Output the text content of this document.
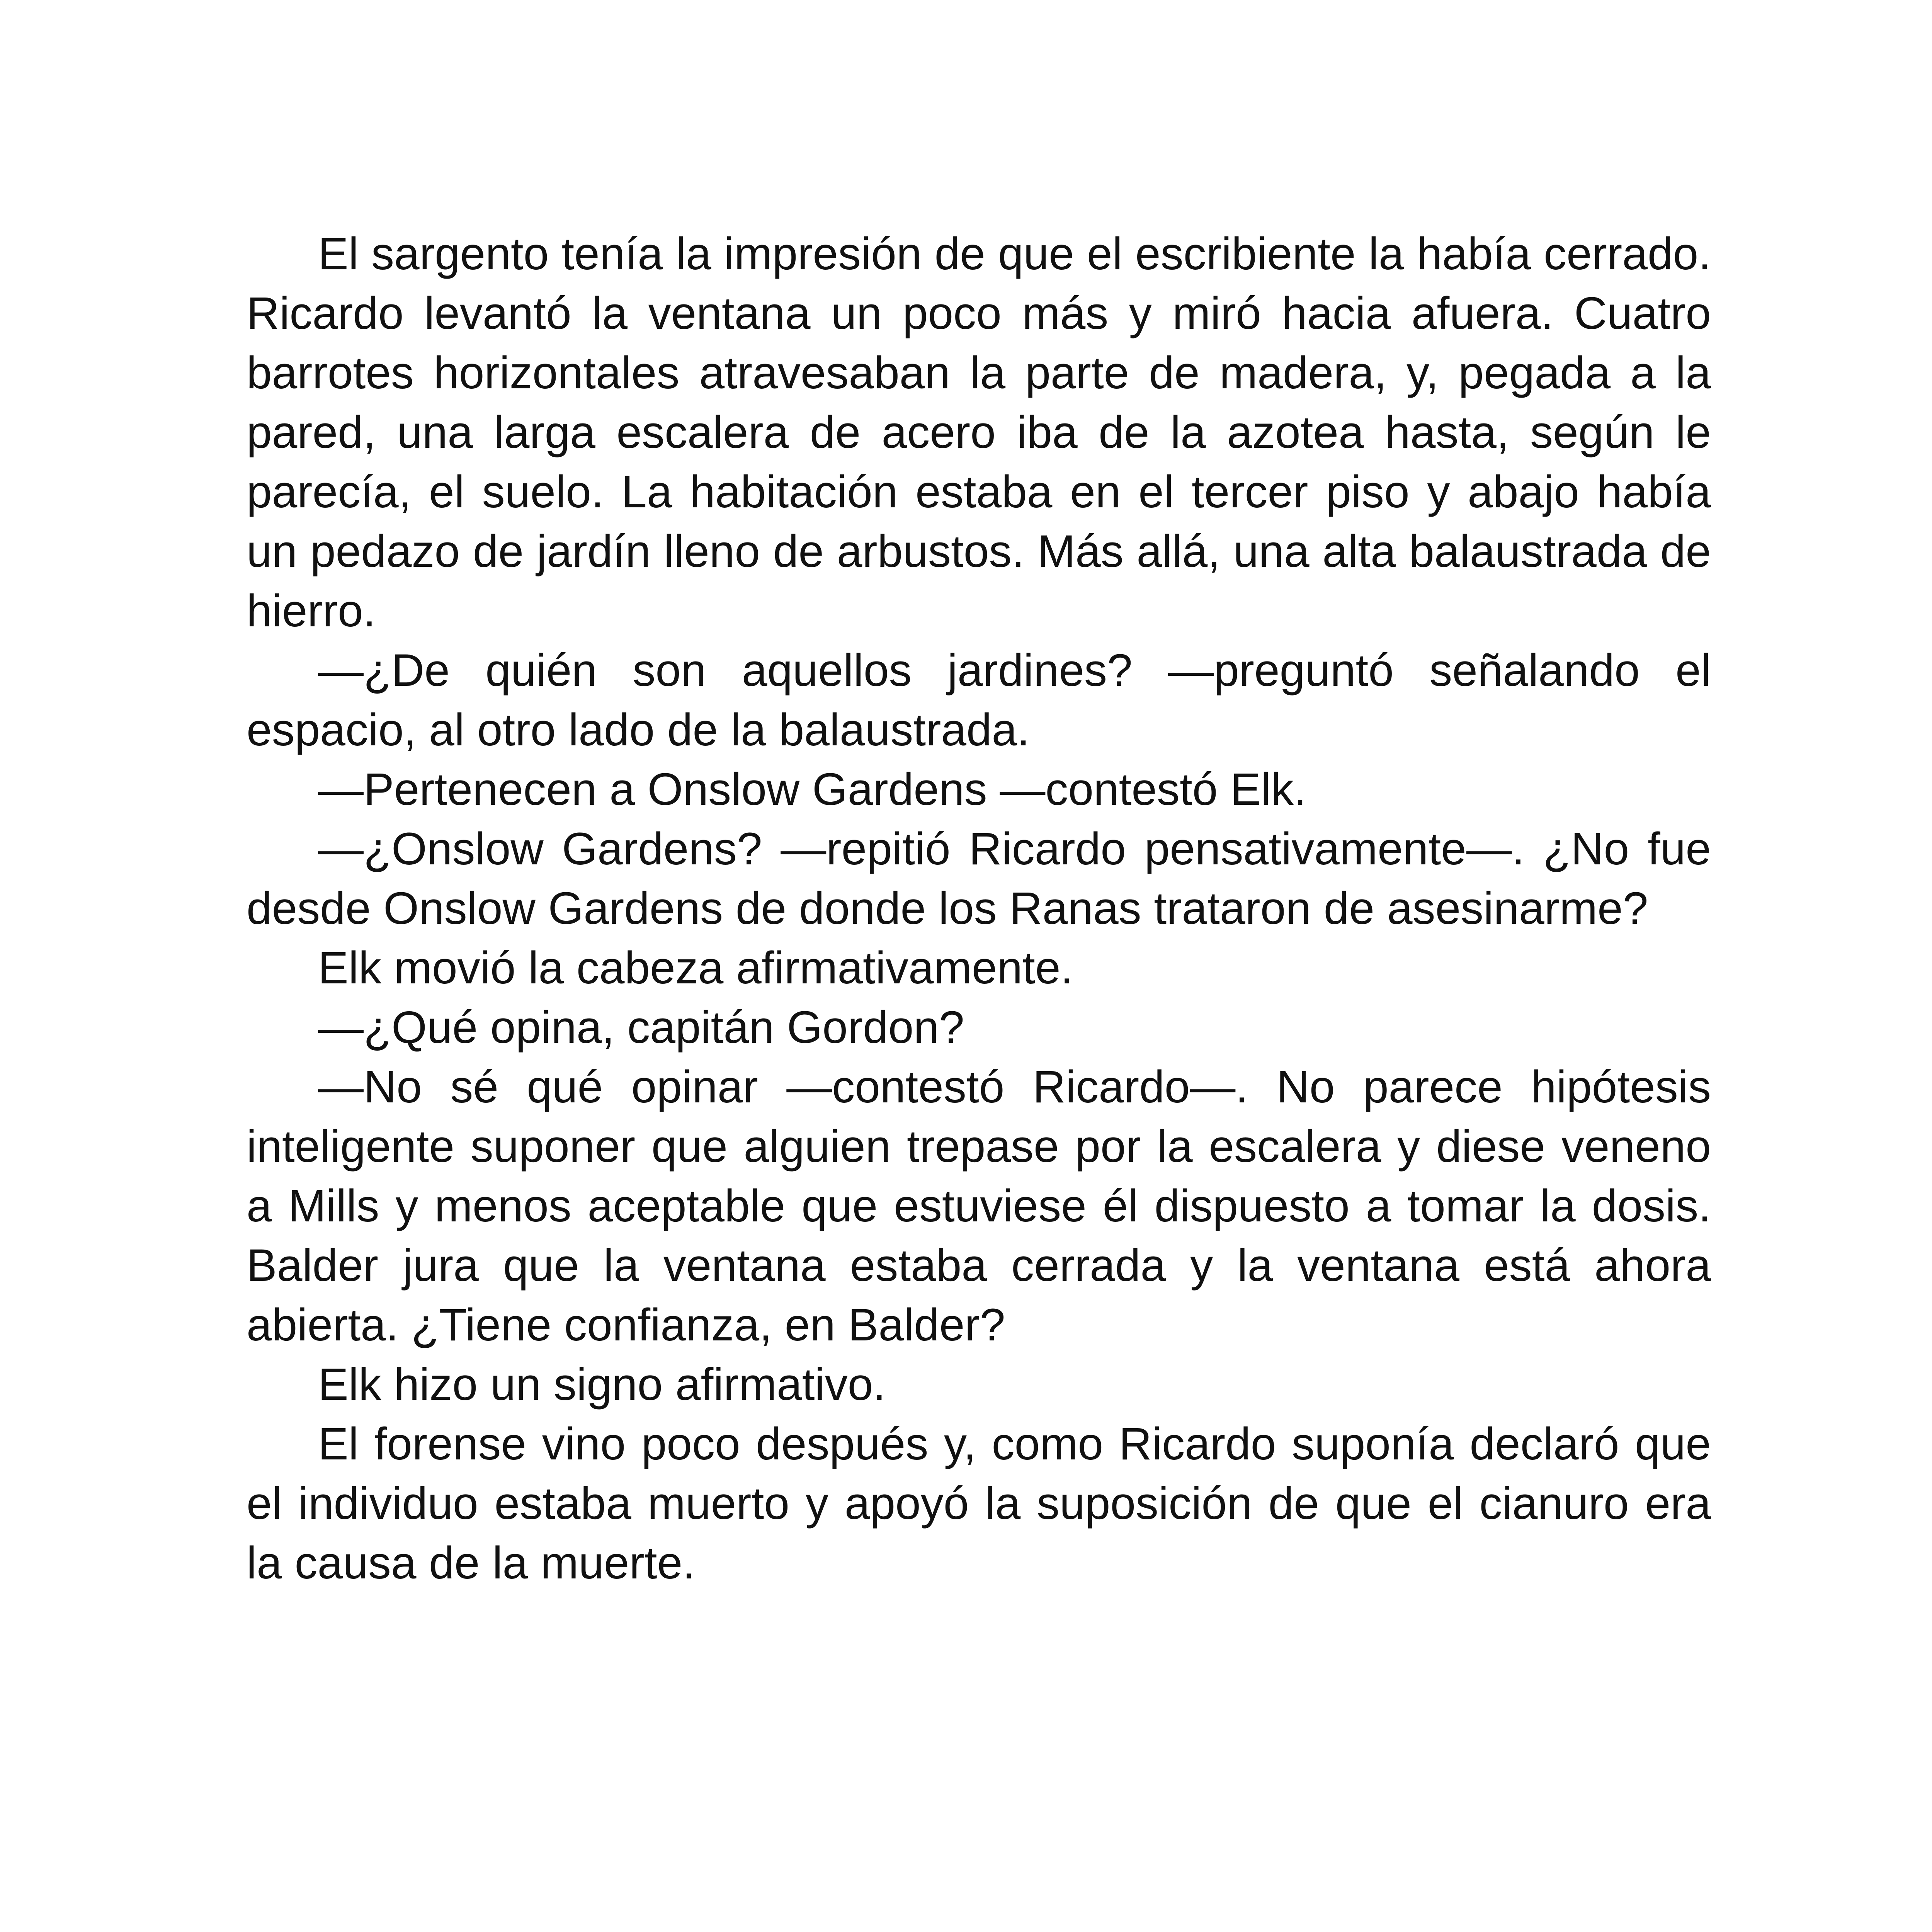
El sargento tenía la impresión de que el escribiente la había cerrado. Ricardo levantó la ventana un poco más y miró hacia afuera. Cuatro barrotes horizontales atravesaban la parte de madera, y, pegada a la pared, una larga escalera de acero iba de la azotea hasta, según le parecía, el suelo. La habitación estaba en el tercer piso y abajo había un pedazo de jardín lleno de arbustos. Más allá, una alta balaustrada de hierro.

—¿De quién son aquellos jardines? —preguntó señalando el espacio, al otro lado de la balaustrada.

—Pertenecen a Onslow Gardens —contestó Elk.

—¿Onslow Gardens? —repitió Ricardo pensativamente—. ¿No fue desde Onslow Gardens de donde los Ranas trataron de asesinarme?

Elk movió la cabeza afirmativamente.

—¿Qué opina, capitán Gordon?

—No sé qué opinar —contestó Ricardo—. No parece hipótesis inteligente suponer que alguien trepase por la escalera y diese veneno a Mills y menos aceptable que estuviese él dispuesto a tomar la dosis. Balder jura que la ventana estaba cerrada y la ventana está ahora abierta. ¿Tiene confianza, en Balder?

Elk hizo un signo afirmativo.

El forense vino poco después y, como Ricardo suponía declaró que el individuo estaba muerto y apoyó la suposición de que el cianuro era la causa de la muerte.
